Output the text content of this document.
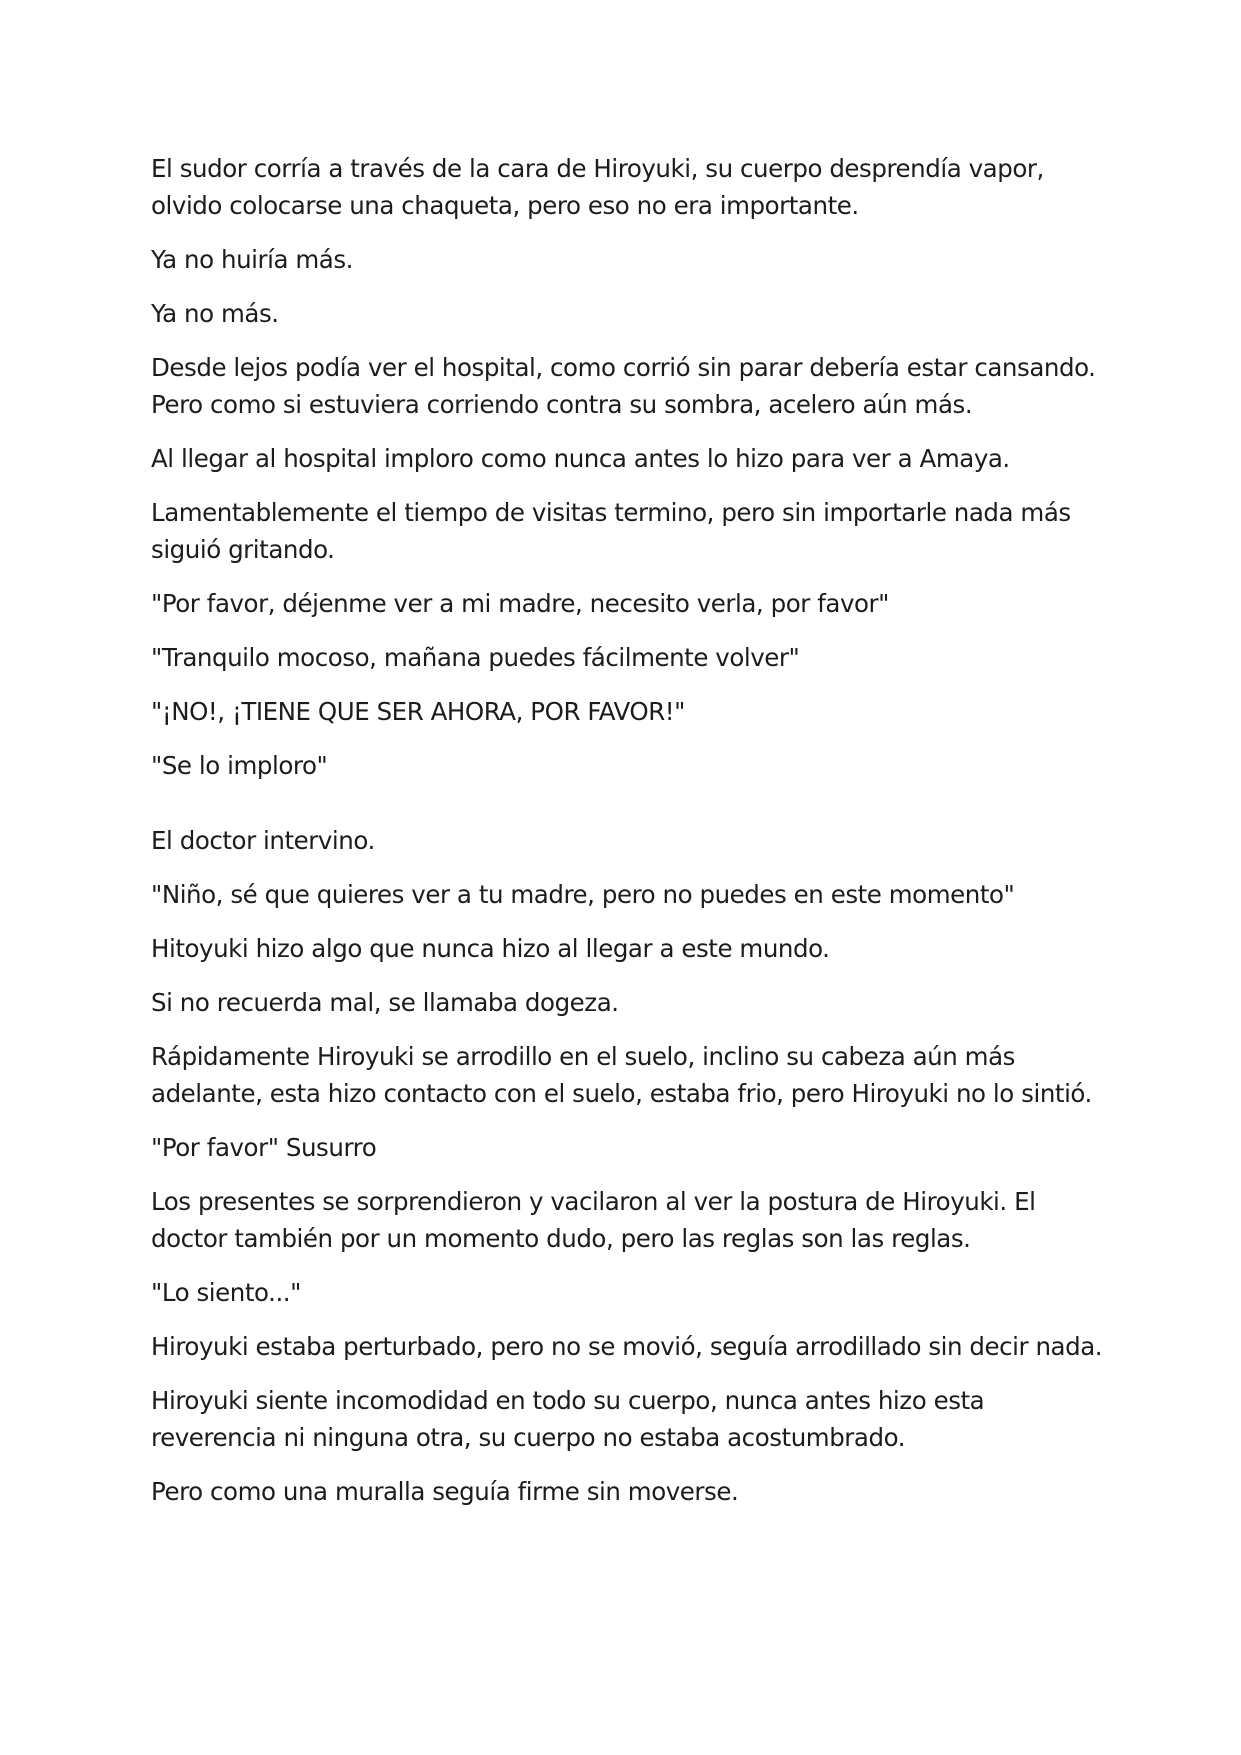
El sudor corría a través de la cara de Hiroyuki, su cuerpo desprendía vapor, olvido colocarse una chaqueta, pero eso no era importante.

Ya no huiría más.

Ya no más.

Desde lejos podía ver el hospital, como corrió sin parar debería estar cansando. Pero como si estuviera corriendo contra su sombra, acelero aún más.

Al llegar al hospital imploro como nunca antes lo hizo para ver a Amaya.

Lamentablemente el tiempo de visitas termino, pero sin importarle nada más siguió gritando.

"Por favor, déjenme ver a mi madre, necesito verla, por favor"

"Tranquilo mocoso, mañana puedes fácilmente volver"

"¡NO!, ¡TIENE QUE SER AHORA, POR FAVOR!"

"Se lo imploro"

El doctor intervino.

"Niño, sé que quieres ver a tu madre, pero no puedes en este momento"

Hitoyuki hizo algo que nunca hizo al llegar a este mundo.

Si no recuerda mal, se llamaba dogeza.

Rápidamente Hiroyuki se arrodillo en el suelo, inclino su cabeza aún más adelante, esta hizo contacto con el suelo, estaba frio, pero Hiroyuki no lo sintió.

"Por favor" Susurro

Los presentes se sorprendieron y vacilaron al ver la postura de Hiroyuki. El doctor también por un momento dudo, pero las reglas son las reglas.

"Lo siento..."

Hiroyuki estaba perturbado, pero no se movió, seguía arrodillado sin decir nada.

Hiroyuki siente incomodidad en todo su cuerpo, nunca antes hizo esta reverencia ni ninguna otra, su cuerpo no estaba acostumbrado.

Pero como una muralla seguía firme sin moverse.
